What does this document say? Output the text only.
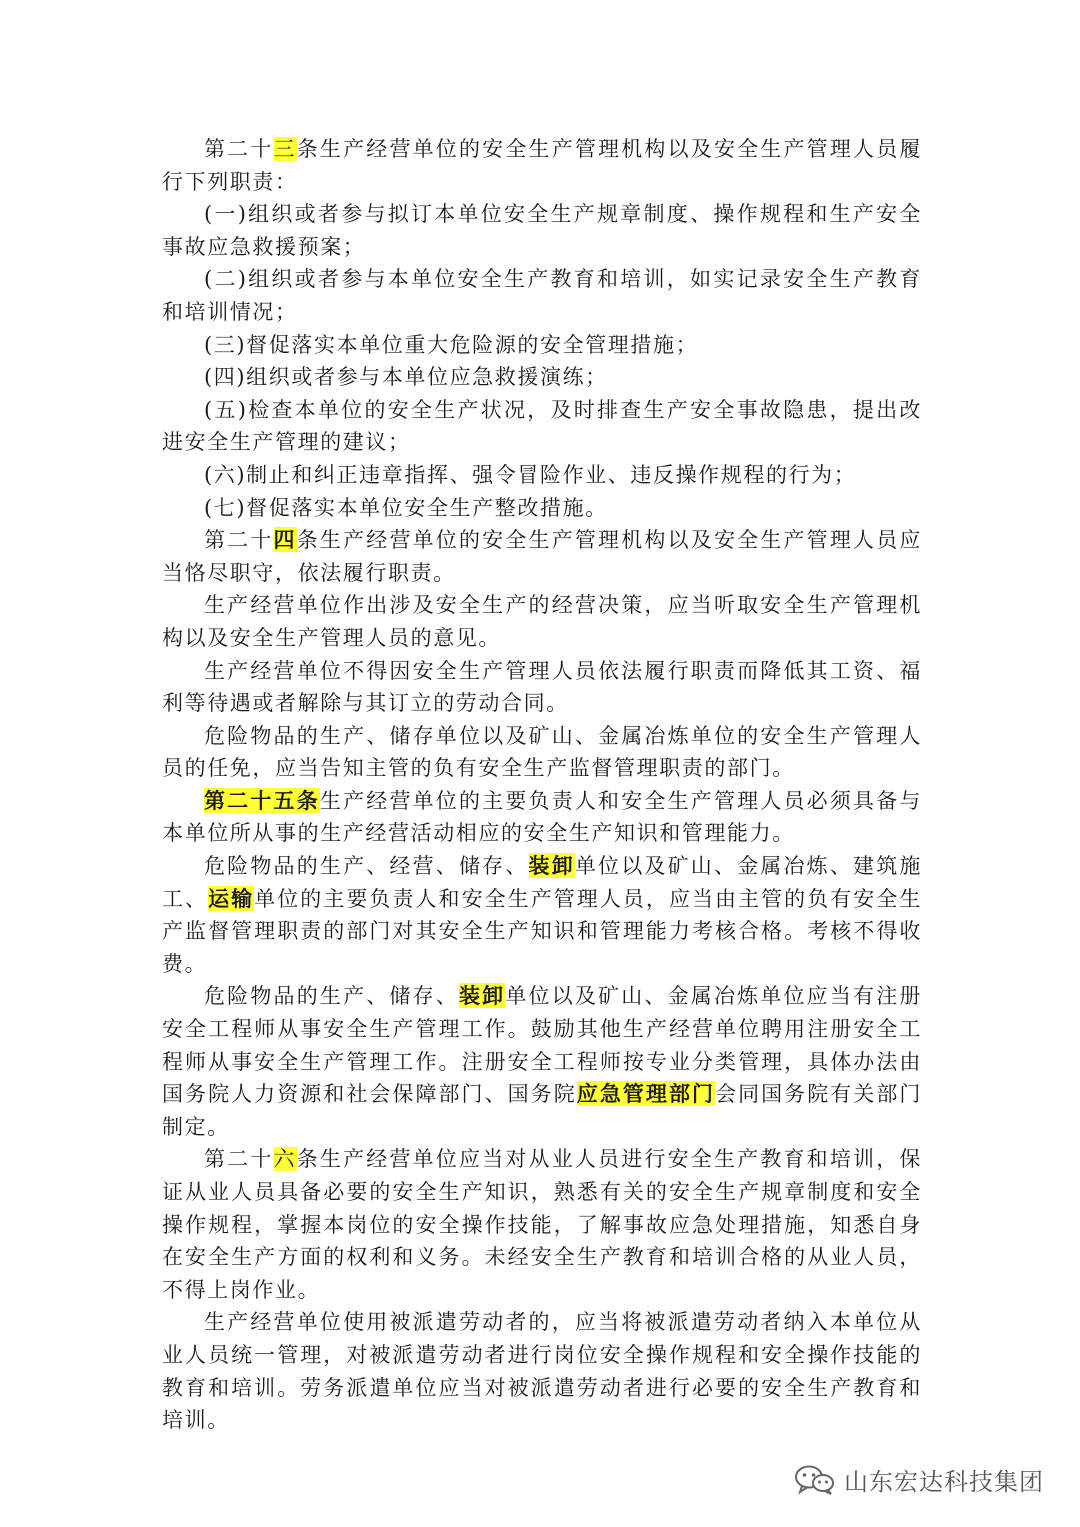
第二十三条生产经营单位的安全生产管理机构以及安全生产管理人员履行下列职责：

(一)组织或者参与拟订本单位安全生产规章制度、操作规程和生产安全事故应急救援预案；

(二)组织或者参与本单位安全生产教育和培训，如实记录安全生产教育和培训情况；

(三)督促落实本单位重大危险源的安全管理措施；

(四)组织或者参与本单位应急救援演练；

(五)检查本单位的安全生产状况，及时排查生产安全事故隐患，提出改进安全生产管理的建议；

(六)制止和纠正违章指挥、强令冒险作业、违反操作规程的行为；

(七)督促落实本单位安全生产整改措施。

第二十四条生产经营单位的安全生产管理机构以及安全生产管理人员应当恪尽职守，依法履行职责。

生产经营单位作出涉及安全生产的经营决策，应当听取安全生产管理机构以及安全生产管理人员的意见。

生产经营单位不得因安全生产管理人员依法履行职责而降低其工资、福利等待遇或者解除与其订立的劳动合同。

危险物品的生产、储存单位以及矿山、金属冶炼单位的安全生产管理人员的任免，应当告知主管的负有安全生产监督管理职责的部门。

第二十五条生产经营单位的主要负责人和安全生产管理人员必须具备与本单位所从事的生产经营活动相应的安全生产知识和管理能力。

危险物品的生产、经营、储存、装卸单位以及矿山、金属冶炼、建筑施工、运输单位的主要负责人和安全生产管理人员，应当由主管的负有安全生产监督管理职责的部门对其安全生产知识和管理能力考核合格。考核不得收费。

危险物品的生产、储存、装卸单位以及矿山、金属冶炼单位应当有注册安全工程师从事安全生产管理工作。鼓励其他生产经营单位聘用注册安全工程师从事安全生产管理工作。注册安全工程师按专业分类管理，具体办法由国务院人力资源和社会保障部门、国务院应急管理部门会同国务院有关部门制定。

第二十六条生产经营单位应当对从业人员进行安全生产教育和培训，保证从业人员具备必要的安全生产知识，熟悉有关的安全生产规章制度和安全操作规程，掌握本岗位的安全操作技能，了解事故应急处理措施，知悉自身在安全生产方面的权利和义务。未经安全生产教育和培训合格的从业人员，不得上岗作业。

生产经营单位使用被派遣劳动者的，应当将被派遣劳动者纳入本单位从业人员统一管理，对被派遣劳动者进行岗位安全操作规程和安全操作技能的教育和培训。劳务派遣单位应当对被派遣劳动者进行必要的安全生产教育和培训。

山东宏达科技集团
